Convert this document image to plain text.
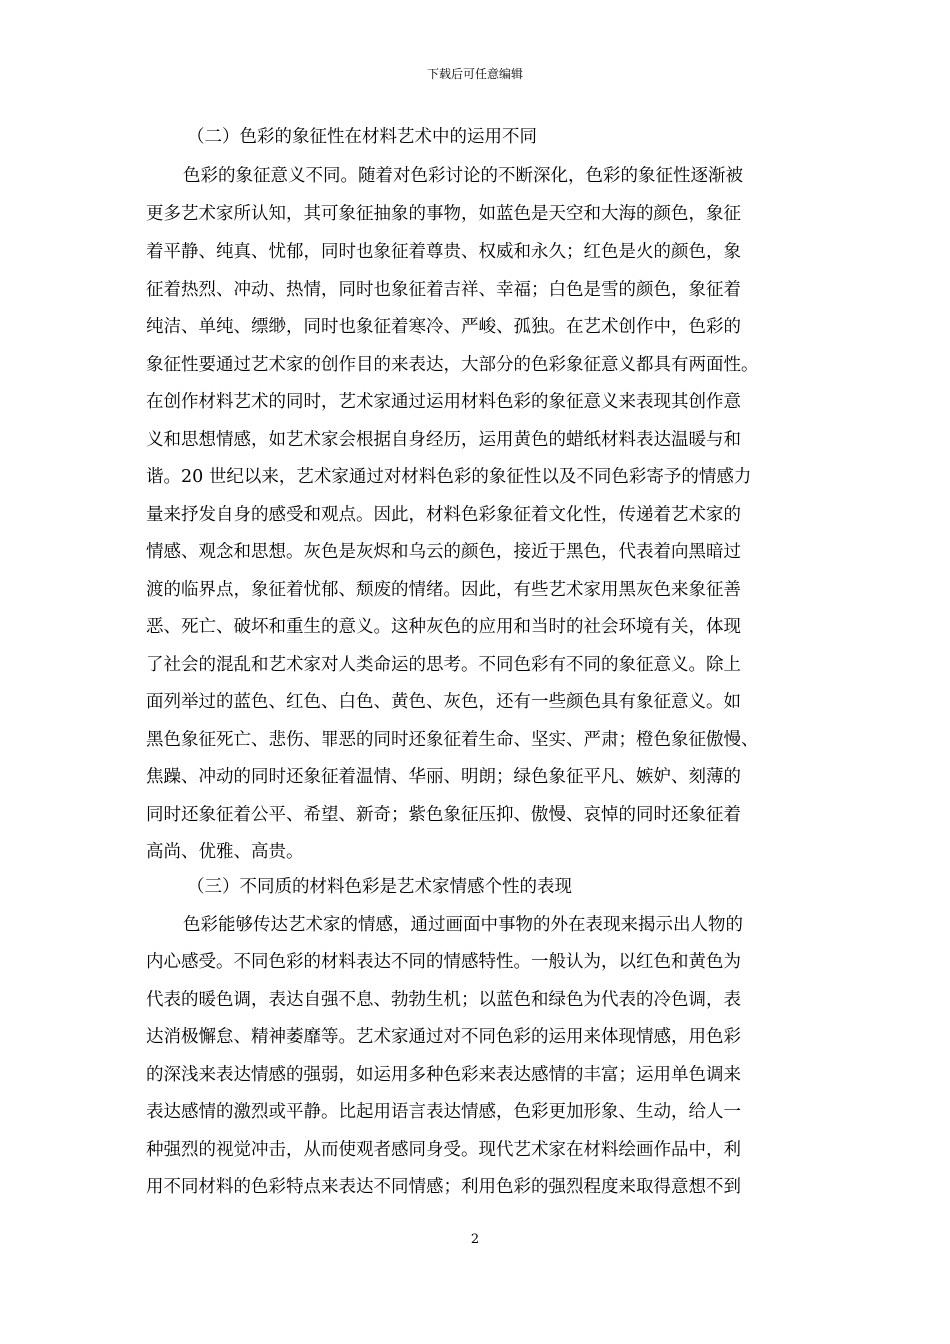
下载后可任意编辑
（二）色彩的象征性在材料艺术中的运用不同
色彩的象征意义不同。随着对色彩讨论的不断深化，色彩的象征性逐渐被
更多艺术家所认知，其可象征抽象的事物，如蓝色是天空和大海的颜色，象征
着平静、纯真、忧郁，同时也象征着尊贵、权威和永久；红色是火的颜色，象
征着热烈、冲动、热情，同时也象征着吉祥、幸福；白色是雪的颜色，象征着
纯洁、单纯、缥缈，同时也象征着寒冷、严峻、孤独。在艺术创作中，色彩的
象征性要通过艺术家的创作目的来表达，大部分的色彩象征意义都具有两面性。
在创作材料艺术的同时，艺术家通过运用材料色彩的象征意义来表现其创作意
义和思想情感，如艺术家会根据自身经历，运用黄色的蜡纸材料表达温暖与和
谐。20 世纪以来，艺术家通过对材料色彩的象征性以及不同色彩寄予的情感力
量来抒发自身的感受和观点。因此，材料色彩象征着文化性，传递着艺术家的
情感、观念和思想。灰色是灰烬和乌云的颜色，接近于黑色，代表着向黑暗过
渡的临界点，象征着忧郁、颓废的情绪。因此，有些艺术家用黑灰色来象征善
恶、死亡、破坏和重生的意义。这种灰色的应用和当时的社会环境有关，体现
了社会的混乱和艺术家对人类命运的思考。不同色彩有不同的象征意义。除上
面列举过的蓝色、红色、白色、黄色、灰色，还有一些颜色具有象征意义。如
黑色象征死亡、悲伤、罪恶的同时还象征着生命、坚实、严肃；橙色象征傲慢、
焦躁、冲动的同时还象征着温情、华丽、明朗；绿色象征平凡、嫉妒、刻薄的
同时还象征着公平、希望、新奇；紫色象征压抑、傲慢、哀悼的同时还象征着
高尚、优雅、高贵。
（三）不同质的材料色彩是艺术家情感个性的表现
色彩能够传达艺术家的情感，通过画面中事物的外在表现来揭示出人物的
内心感受。不同色彩的材料表达不同的情感特性。一般认为，以红色和黄色为
代表的暖色调，表达自强不息、勃勃生机；以蓝色和绿色为代表的冷色调，表
达消极懈怠、精神萎靡等。艺术家通过对不同色彩的运用来体现情感，用色彩
的深浅来表达情感的强弱，如运用多种色彩来表达感情的丰富；运用单色调来
表达感情的激烈或平静。比起用语言表达情感，色彩更加形象、生动，给人一
种强烈的视觉冲击，从而使观者感同身受。现代艺术家在材料绘画作品中，利
用不同材料的色彩特点来表达不同情感；利用色彩的强烈程度来取得意想不到
2
